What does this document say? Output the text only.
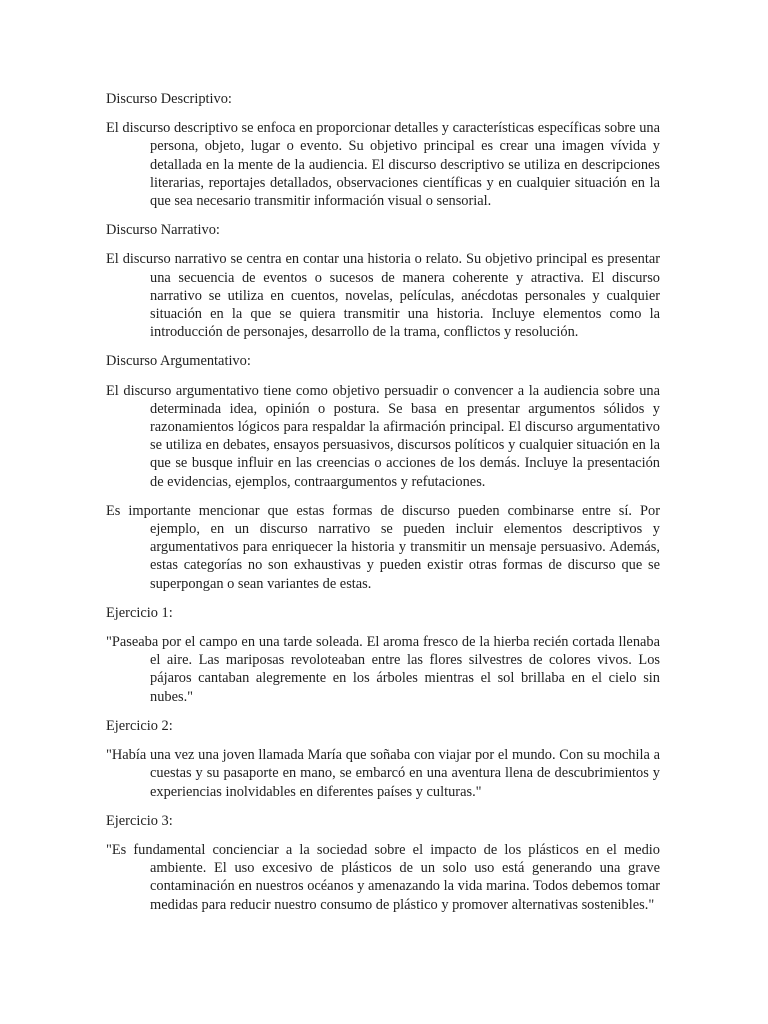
Discurso Descriptivo:
El discurso descriptivo se enfoca en proporcionar detalles y características específicas sobre una persona, objeto, lugar o evento. Su objetivo principal es crear una imagen vívida y detallada en la mente de la audiencia. El discurso descriptivo se utiliza en descripciones literarias, reportajes detallados, observaciones científicas y en cualquier situación en la que sea necesario transmitir información visual o sensorial.
Discurso Narrativo:
El discurso narrativo se centra en contar una historia o relato. Su objetivo principal es presentar una secuencia de eventos o sucesos de manera coherente y atractiva. El discurso narrativo se utiliza en cuentos, novelas, películas, anécdotas personales y cualquier situación en la que se quiera transmitir una historia. Incluye elementos como la introducción de personajes, desarrollo de la trama, conflictos y resolución.
Discurso Argumentativo:
El discurso argumentativo tiene como objetivo persuadir o convencer a la audiencia sobre una determinada idea, opinión o postura. Se basa en presentar argumentos sólidos y razonamientos lógicos para respaldar la afirmación principal. El discurso argumentativo se utiliza en debates, ensayos persuasivos, discursos políticos y cualquier situación en la que se busque influir en las creencias o acciones de los demás. Incluye la presentación de evidencias, ejemplos, contraargumentos y refutaciones.
Es importante mencionar que estas formas de discurso pueden combinarse entre sí. Por ejemplo, en un discurso narrativo se pueden incluir elementos descriptivos y argumentativos para enriquecer la historia y transmitir un mensaje persuasivo. Además, estas categorías no son exhaustivas y pueden existir otras formas de discurso que se superpongan o sean variantes de estas.
Ejercicio 1:
"Paseaba por el campo en una tarde soleada. El aroma fresco de la hierba recién cortada llenaba el aire. Las mariposas revoloteaban entre las flores silvestres de colores vivos. Los pájaros cantaban alegremente en los árboles mientras el sol brillaba en el cielo sin nubes."
Ejercicio 2:
"Había una vez una joven llamada María que soñaba con viajar por el mundo. Con su mochila a cuestas y su pasaporte en mano, se embarcó en una aventura llena de descubrimientos y experiencias inolvidables en diferentes países y culturas."
Ejercicio 3:
"Es fundamental concienciar a la sociedad sobre el impacto de los plásticos en el medio ambiente. El uso excesivo de plásticos de un solo uso está generando una grave contaminación en nuestros océanos y amenazando la vida marina. Todos debemos tomar medidas para reducir nuestro consumo de plástico y promover alternativas sostenibles."
